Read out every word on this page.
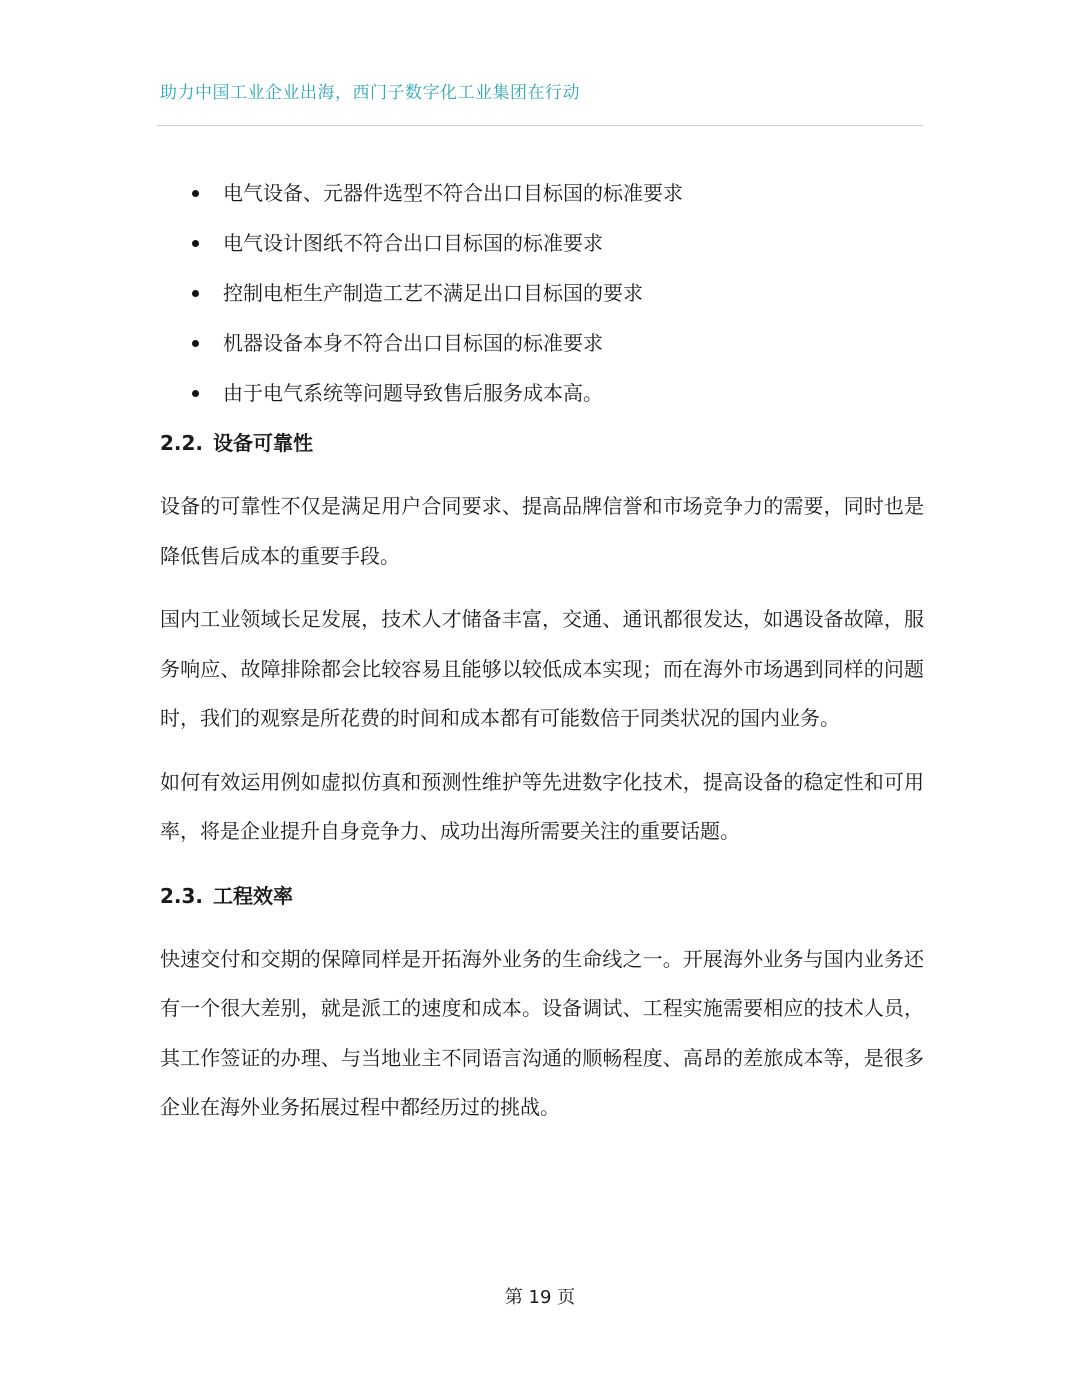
助力中国工业企业出海，西门子数字化工业集团在行动
电气设备、元器件选型不符合出口目标国的标准要求
电气设计图纸不符合出口目标国的标准要求
控制电柜生产制造工艺不满足出口目标国的要求
机器设备本身不符合出口目标国的标准要求
由于电气系统等问题导致售后服务成本高。
2.2. 设备可靠性

设备的可靠性不仅是满足用户合同要求、提高品牌信誉和市场竞争力的需要，同时也是降低售后成本的重要手段。

国内工业领域长足发展，技术人才储备丰富，交通、通讯都很发达，如遇设备故障，服务响应、故障排除都会比较容易且能够以较低成本实现；而在海外市场遇到同样的问题时，我们的观察是所花费的时间和成本都有可能数倍于同类状况的国内业务。

如何有效运用例如虚拟仿真和预测性维护等先进数字化技术，提高设备的稳定性和可用率，将是企业提升自身竞争力、成功出海所需要关注的重要话题。

2.3. 工程效率

快速交付和交期的保障同样是开拓海外业务的生命线之一。开展海外业务与国内业务还有一个很大差别，就是派工的速度和成本。设备调试、工程实施需要相应的技术人员，其工作签证的办理、与当地业主不同语言沟通的顺畅程度、高昂的差旅成本等，是很多企业在海外业务拓展过程中都经历过的挑战。

第 19 页
